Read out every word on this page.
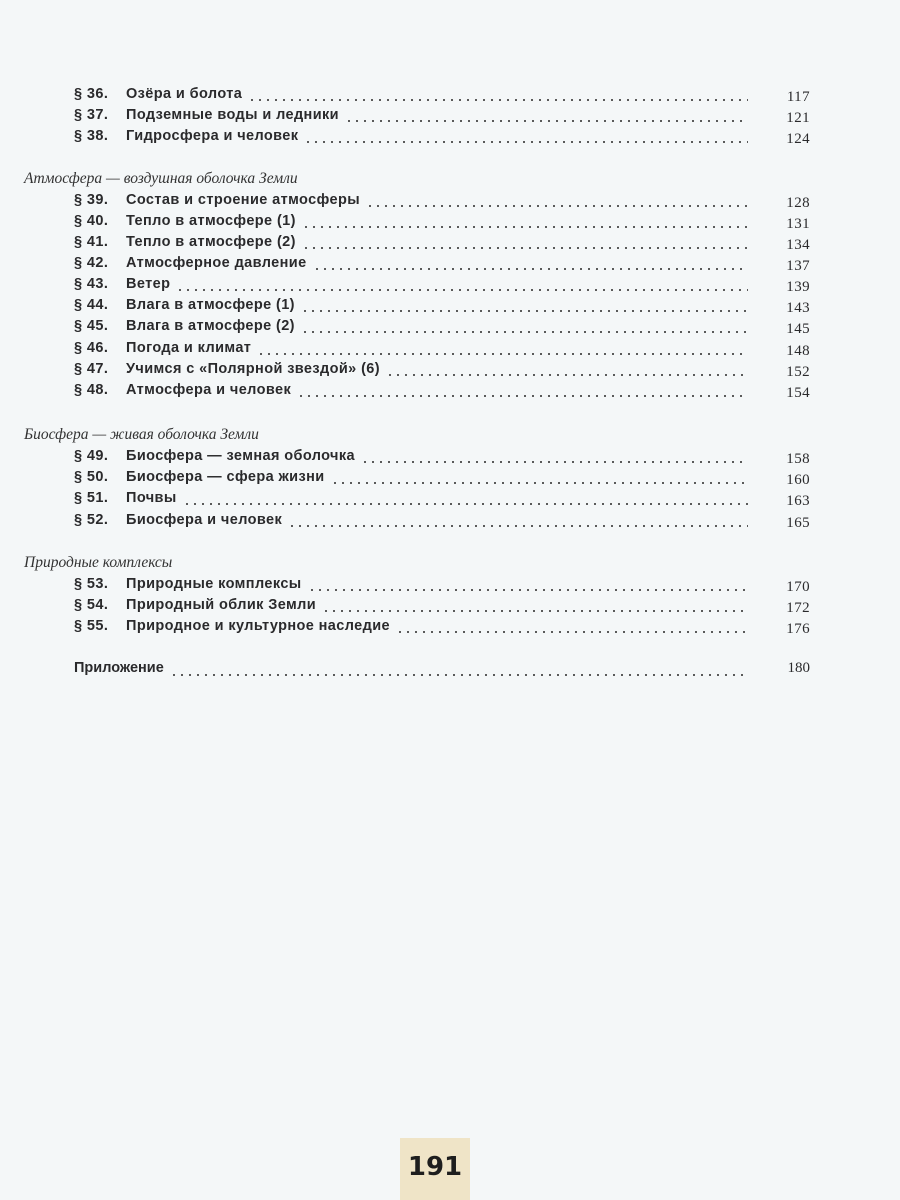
§ 36. Озёра и болота	117
§ 37. Подземные воды и ледники	121
§ 38. Гидросфера и человек	124
Атмосфера — воздушная оболочка Земли
§ 39. Состав и строение атмосферы	128
§ 40. Тепло в атмосфере (1)	131
§ 41. Тепло в атмосфере (2)	134
§ 42. Атмосферное давление	137
§ 43. Ветер	139
§ 44. Влага в атмосфере (1)	143
§ 45. Влага в атмосфере (2)	145
§ 46. Погода и климат	148
§ 47. Учимся с «Полярной звездой» (6)	152
§ 48. Атмосфера и человек	154
Биосфера — живая оболочка Земли
§ 49. Биосфера — земная оболочка	158
§ 50. Биосфера — сфера жизни	160
§ 51. Почвы	163
§ 52. Биосфера и человек	165
Природные комплексы
§ 53. Природные комплексы	170
§ 54. Природный облик Земли	172
§ 55. Природное и культурное наследие	176
Приложение	180
191
